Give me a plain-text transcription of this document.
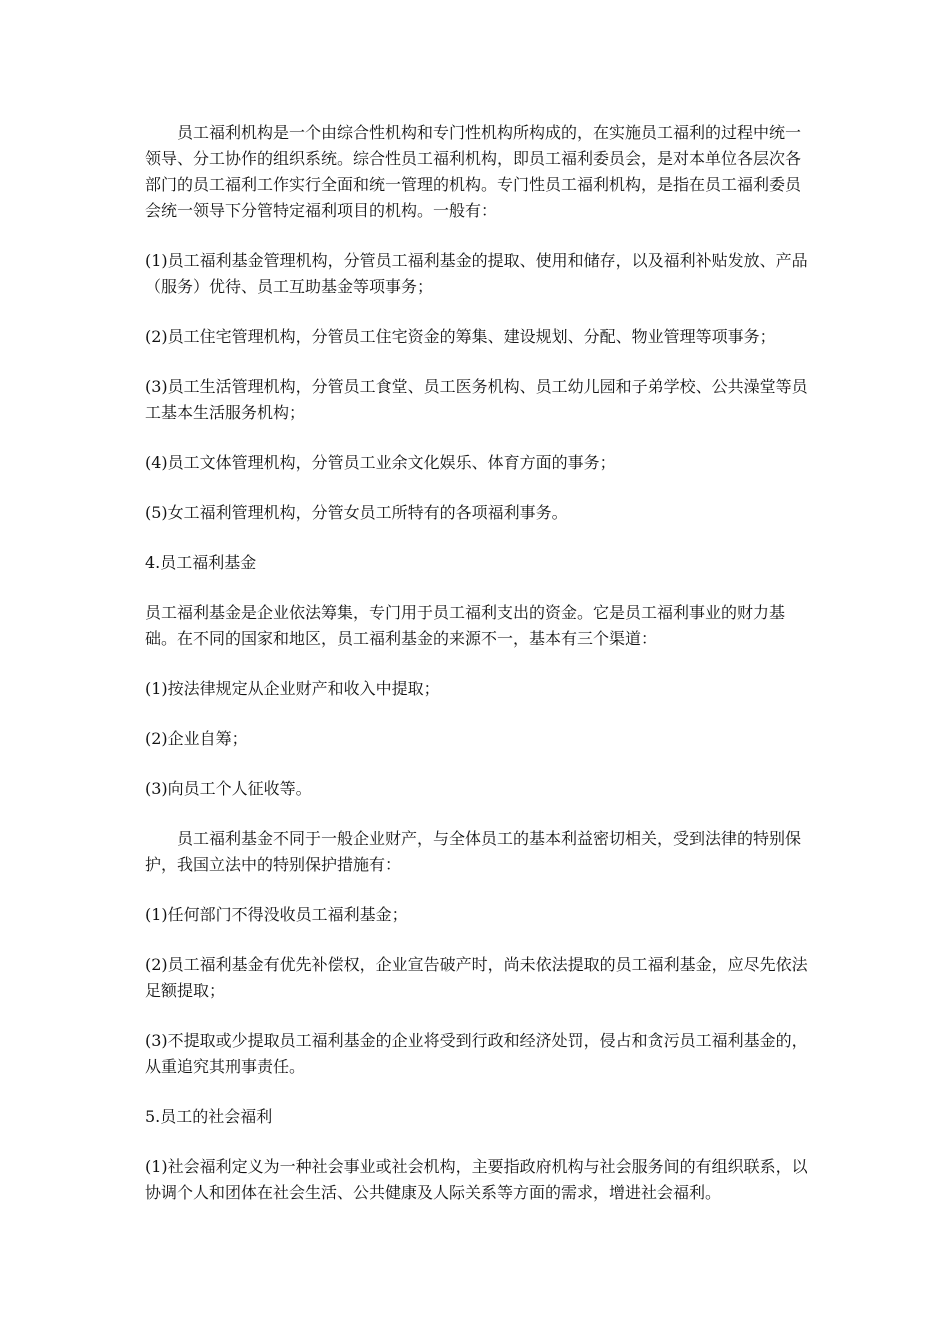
员工福利机构是一个由综合性机构和专门性机构所构成的，在实施员工福利的过程中统一领导、分工协作的组织系统。综合性员工福利机构，即员工福利委员会，是对本单位各层次各部门的员工福利工作实行全面和统一管理的机构。专门性员工福利机构，是指在员工福利委员会统一领导下分管特定福利项目的机构。一般有：

(1)员工福利基金管理机构，分管员工福利基金的提取、使用和储存，以及福利补贴发放、产品（服务）优待、员工互助基金等项事务；

(2)员工住宅管理机构，分管员工住宅资金的筹集、建设规划、分配、物业管理等项事务；

(3)员工生活管理机构，分管员工食堂、员工医务机构、员工幼儿园和子弟学校、公共澡堂等员工基本生活服务机构；

(4)员工文体管理机构，分管员工业余文化娱乐、体育方面的事务；

(5)女工福利管理机构，分管女员工所特有的各项福利事务。

4.员工福利基金

员工福利基金是企业依法筹集，专门用于员工福利支出的资金。它是员工福利事业的财力基础。在不同的国家和地区，员工福利基金的来源不一，基本有三个渠道：

(1)按法律规定从企业财产和收入中提取；

(2)企业自筹；

(3)向员工个人征收等。

员工福利基金不同于一般企业财产，与全体员工的基本利益密切相关，受到法律的特别保护，我国立法中的特别保护措施有：

(1)任何部门不得没收员工福利基金；

(2)员工福利基金有优先补偿权，企业宣告破产时，尚未依法提取的员工福利基金，应尽先依法足额提取；

(3)不提取或少提取员工福利基金的企业将受到行政和经济处罚，侵占和贪污员工福利基金的，从重追究其刑事责任。

5.员工的社会福利

(1)社会福利定义为一种社会事业或社会机构，主要指政府机构与社会服务间的有组织联系，以协调个人和团体在社会生活、公共健康及人际关系等方面的需求，增进社会福利。
